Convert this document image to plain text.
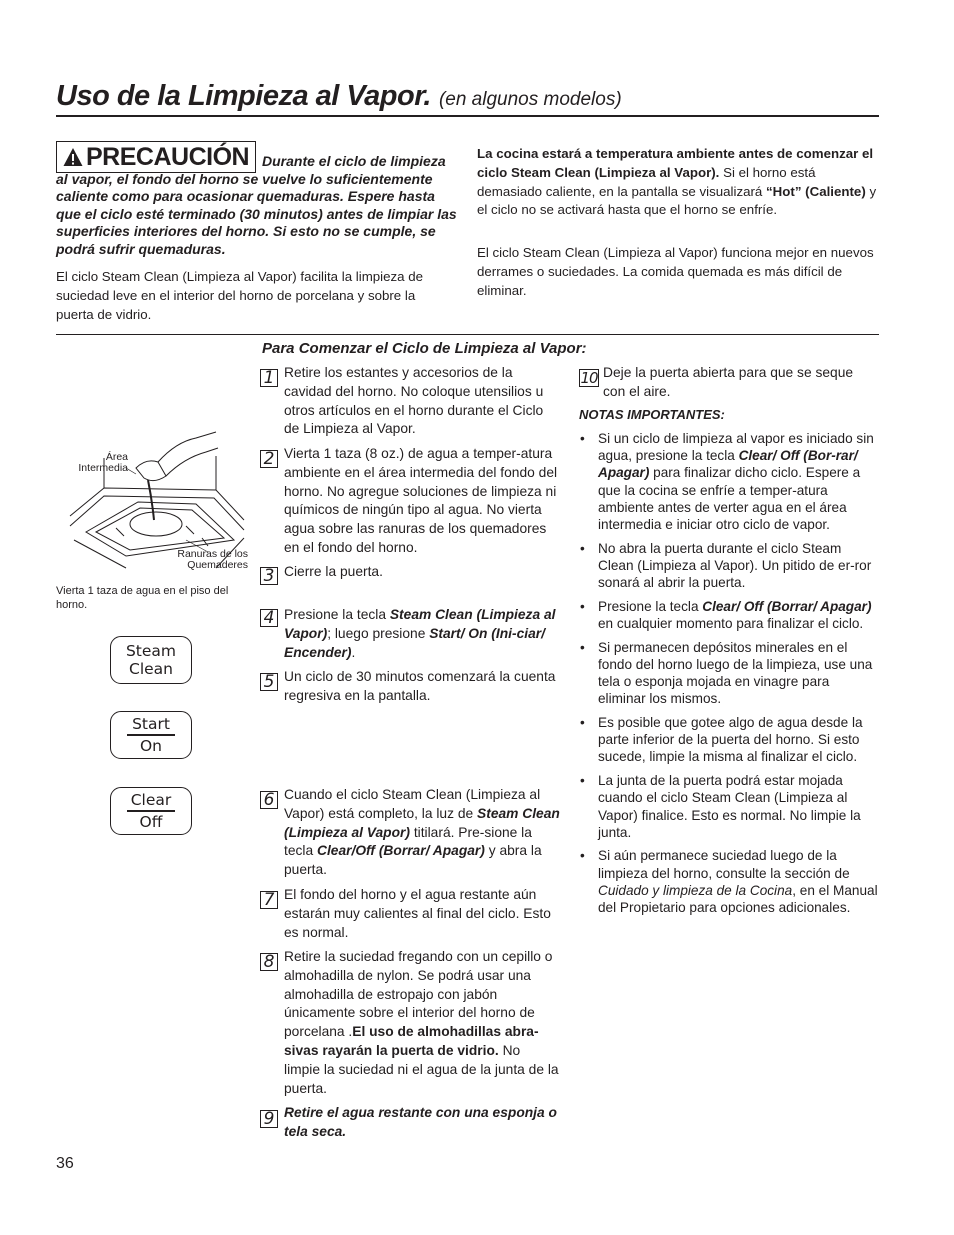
Uso de la Limpieza al Vapor. (en algunos modelos)
PRECAUCIÓN Durante el ciclo de limpieza al vapor, el fondo del horno se vuelve lo suficientemente caliente como para ocasionar quemaduras. Espere hasta que el ciclo esté terminado (30 minutos) antes de limpiar las superficies interiores del horno. Si esto no se cumple, se podrá sufrir quemaduras.
El ciclo Steam Clean (Limpieza al Vapor) facilita la limpieza de suciedad leve en el interior del horno de porcelana y sobre la puerta de vidrio.
La cocina estará a temperatura ambiente antes de comenzar el ciclo Steam Clean (Limpieza al Vapor). Si el horno está demasiado caliente, en la pantalla se visualizará “Hot” (Caliente) y el ciclo no se activará hasta que el horno se enfríe.
El ciclo Steam Clean (Limpieza al Vapor) funciona mejor en nuevos derrames o suciedades. La comida quemada es más difícil de eliminar.
Para Comenzar el Ciclo de Limpieza al Vapor:
Área Intermedia
Ranuras de los Quemaderes
Vierta 1 taza de agua en el piso del horno.
Steam
Clean
Start
On
Clear
Off
1 Retire los estantes y accesorios de la cavidad del horno. No coloque utensilios u otros artículos en el horno durante el Ciclo de Limpieza al Vapor.
2 Vierta 1 taza (8 oz.) de agua a temper-atura ambiente en el área intermedia del fondo del horno. No agregue soluciones de limpieza ni químicos de ningún tipo al agua. No vierta agua sobre las ranuras de los quemadores en el fondo del horno.
3 Cierre la puerta.
4 Presione la tecla Steam Clean (Limpieza al Vapor); luego presione Start/ On (Ini-ciar/ Encender).
5 Un ciclo de 30 minutos comenzará la cuenta regresiva en la pantalla.
6 Cuando el ciclo Steam Clean (Limpieza al Vapor) está completo, la luz de Steam Clean (Limpieza al Vapor) titilará. Pre-sione la tecla Clear/Off (Borrar/ Apagar) y abra la puerta.
7 El fondo del horno y el agua restante aún estarán muy calientes al final del ciclo. Esto es normal.
8 Retire la suciedad fregando con un cepillo o almohadilla de nylon. Se podrá usar una almohadilla de estropajo con jabón únicamente sobre el interior del horno de porcelana .El uso de almohadillas abra-sivas rayarán la puerta de vidrio. No limpie la suciedad ni el agua de la junta de la puerta.
9 Retire el agua restante con una esponja o tela seca.
10 Deje la puerta abierta para que se seque con el aire.
NOTAS IMPORTANTES:
• Si un ciclo de limpieza al vapor es iniciado sin agua, presione la tecla Clear/ Off (Bor-rar/ Apagar) para finalizar dicho ciclo. Espere a que la cocina se enfríe a temper-atura ambiente antes de verter agua en el área intermedia e iniciar otro ciclo de vapor.
• No abra la puerta durante el ciclo Steam Clean (Limpieza al Vapor). Un pitido de er-ror sonará al abrir la puerta.
• Presione la tecla Clear/ Off (Borrar/ Apagar) en cualquier momento para finalizar el ciclo.
• Si permanecen depósitos minerales en el fondo del horno luego de la limpieza, use una tela o esponja mojada en vinagre para eliminar los mismos.
• Es posible que gotee algo de agua desde la parte inferior de la puerta del horno. Si esto sucede, limpie la misma al finalizar el ciclo.
• La junta de la puerta podrá estar mojada cuando el ciclo Steam Clean (Limpieza al Vapor) finalice. Esto es normal. No limpie la junta.
• Si aún permanece suciedad luego de la limpieza del horno, consulte la sección de Cuidado y limpieza de la Cocina, en el Manual del Propietario para opciones adicionales.
36
